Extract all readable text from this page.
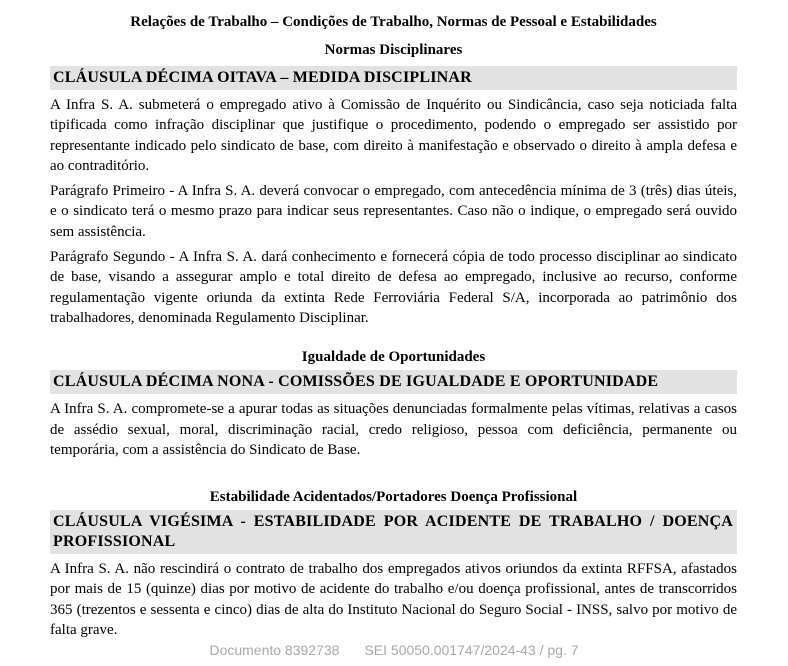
Relações de Trabalho – Condições de Trabalho, Normas de Pessoal e Estabilidades
Normas Disciplinares
CLÁUSULA DÉCIMA OITAVA – MEDIDA DISCIPLINAR

A Infra S. A. submeterá o empregado ativo à Comissão de Inquérito ou Sindicância, caso seja noticiada falta tipificada como infração disciplinar que justifique o procedimento, podendo o empregado ser assistido por representante indicado pelo sindicato de base, com direito à manifestação e observado o direito à ampla defesa e ao contraditório.

Parágrafo Primeiro - A Infra S. A. deverá convocar o empregado, com antecedência mínima de 3 (três) dias úteis, e o sindicato terá o mesmo prazo para indicar seus representantes. Caso não o indique, o empregado será ouvido sem assistência.

Parágrafo Segundo - A Infra S. A. dará conhecimento e fornecerá cópia de todo processo disciplinar ao sindicato de base, visando a assegurar amplo e total direito de defesa ao empregado, inclusive ao recurso, conforme regulamentação vigente oriunda da extinta Rede Ferroviária Federal S/A, incorporada ao patrimônio dos trabalhadores, denominada Regulamento Disciplinar.

Igualdade de Oportunidades
CLÁUSULA DÉCIMA NONA - COMISSÕES DE IGUALDADE E OPORTUNIDADE

A Infra S. A. compromete-se a apurar todas as situações denunciadas formalmente pelas vítimas, relativas a casos de assédio sexual, moral, discriminação racial, credo religioso, pessoa com deficiência, permanente ou temporária, com a assistência do Sindicato de Base.

Estabilidade Acidentados/Portadores Doença Profissional
CLÁUSULA VIGÉSIMA - ESTABILIDADE POR ACIDENTE DE TRABALHO / DOENÇA PROFISSIONAL

A Infra S. A. não rescindirá o contrato de trabalho dos empregados ativos oriundos da extinta RFFSA, afastados por mais de 15 (quinze) dias por motivo de acidente do trabalho e/ou doença profissional, antes de transcorridos 365 (trezentos e sessenta e cinco) dias de alta do Instituto Nacional do Seguro Social - INSS, salvo por motivo de falta grave.

Documento 8392738 SEI 50050.001747/2024-43 / pg. 7
